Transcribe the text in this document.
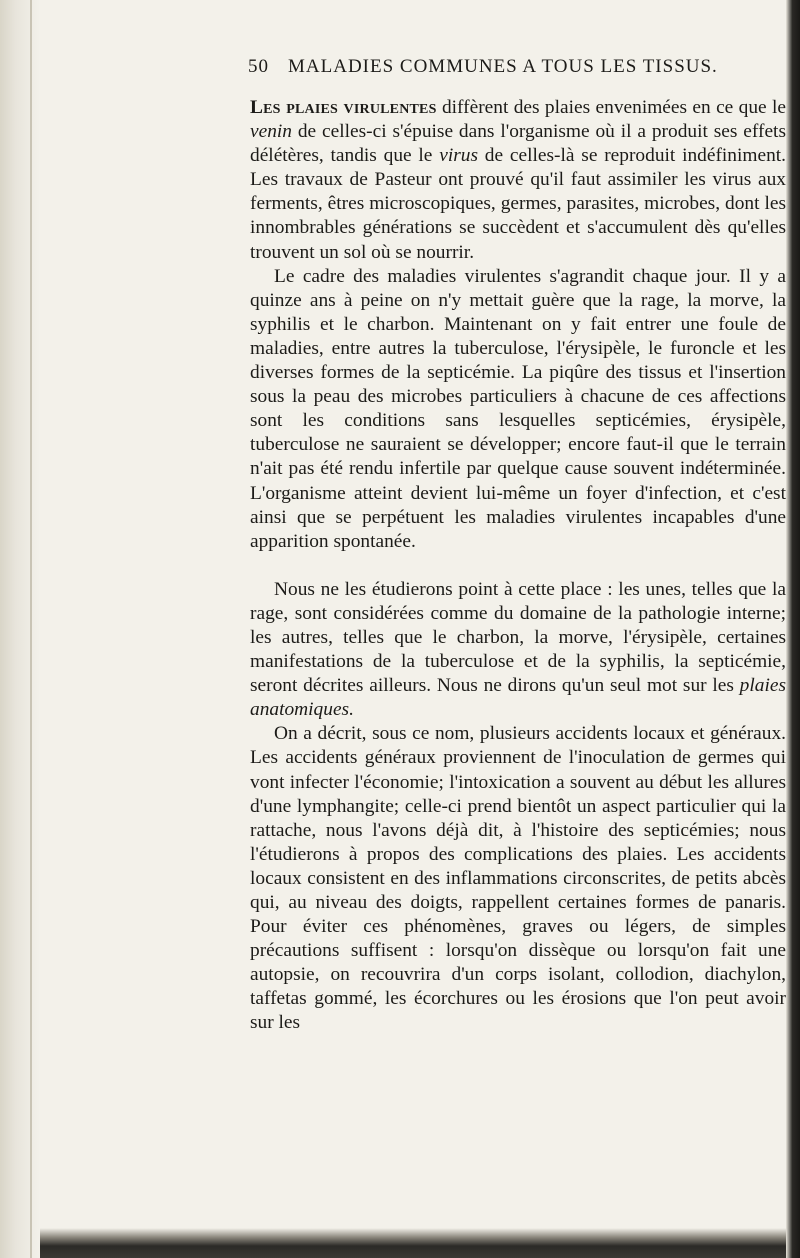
50 MALADIES COMMUNES A TOUS LES TISSUS.

Les plaies virulentes diffèrent des plaies envenimées en ce que le venin de celles-ci s'épuise dans l'organisme où il a produit ses effets délétères, tandis que le virus de celles-là se reproduit indéfiniment. Les travaux de Pasteur ont prouvé qu'il faut assimiler les virus aux ferments, êtres microscopiques, germes, parasites, microbes, dont les innombrables générations se succèdent et s'accumulent dès qu'elles trouvent un sol où se nourrir.

Le cadre des maladies virulentes s'agrandit chaque jour. Il y a quinze ans à peine on n'y mettait guère que la rage, la morve, la syphilis et le charbon. Maintenant on y fait entrer une foule de maladies, entre autres la tuberculose, l'érysipèle, le furoncle et les diverses formes de la septicémie. La piqûre des tissus et l'insertion sous la peau des microbes particuliers à chacune de ces affections sont les conditions sans lesquelles septicémies, érysipèle, tuberculose ne sauraient se développer; encore faut-il que le terrain n'ait pas été rendu infertile par quelque cause souvent indéterminée. L'organisme atteint devient lui-même un foyer d'infection, et c'est ainsi que se perpétuent les maladies virulentes incapables d'une apparition spontanée.

Nous ne les étudierons point à cette place : les unes, telles que la rage, sont considérées comme du domaine de la pathologie interne; les autres, telles que le charbon, la morve, l'érysipèle, certaines manifestations de la tuberculose et de la syphilis, la septicémie, seront décrites ailleurs. Nous ne dirons qu'un seul mot sur les plaies anatomiques.

On a décrit, sous ce nom, plusieurs accidents locaux et généraux. Les accidents généraux proviennent de l'inoculation de germes qui vont infecter l'économie; l'intoxication a souvent au début les allures d'une lymphangite; celle-ci prend bientôt un aspect particulier qui la rattache, nous l'avons déjà dit, à l'histoire des septicémies; nous l'étudierons à propos des complications des plaies. Les accidents locaux consistent en des inflammations circonscrites, de petits abcès qui, au niveau des doigts, rappellent certaines formes de panaris. Pour éviter ces phénomènes, graves ou légers, de simples précautions suffisent : lorsqu'on dissèque ou lorsqu'on fait une autopsie, on recouvrira d'un corps isolant, collodion, diachylon, taffetas gommé, les écorchures ou les érosions que l'on peut avoir sur les
